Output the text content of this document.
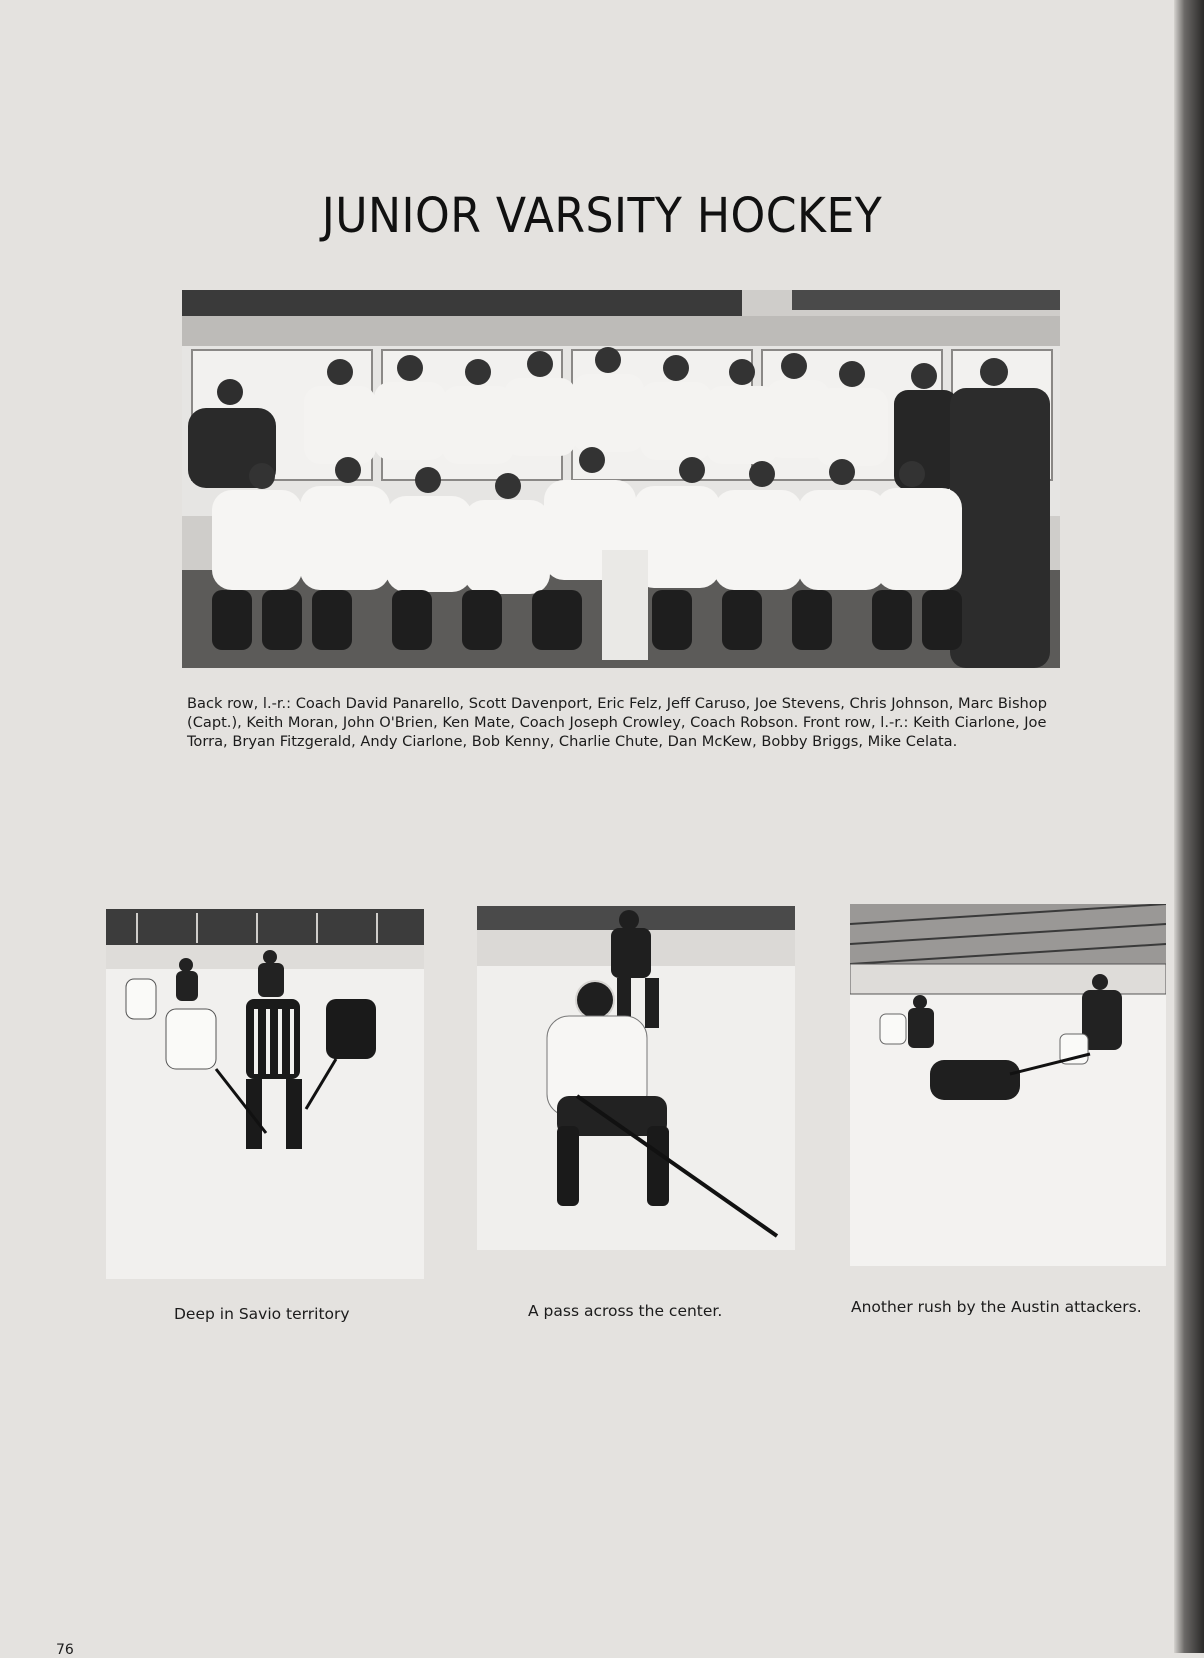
JUNIOR VARSITY HOCKEY
Back row, l.-r.: Coach David Panarello, Scott Davenport, Eric Felz, Jeff Caruso, Joe Stevens, Chris Johnson, Marc Bishop (Capt.), Keith Moran, John O'Brien, Ken Mate, Coach Joseph Crowley, Coach Robson. Front row, l.-r.: Keith Ciarlone, Joe Torra, Bryan Fitzgerald, Andy Ciarlone, Bob Kenny, Charlie Chute, Dan McKew, Bobby Briggs, Mike Celata.
Deep in Savio territory	A pass across the center.	Another rush by the Austin attackers.
76
